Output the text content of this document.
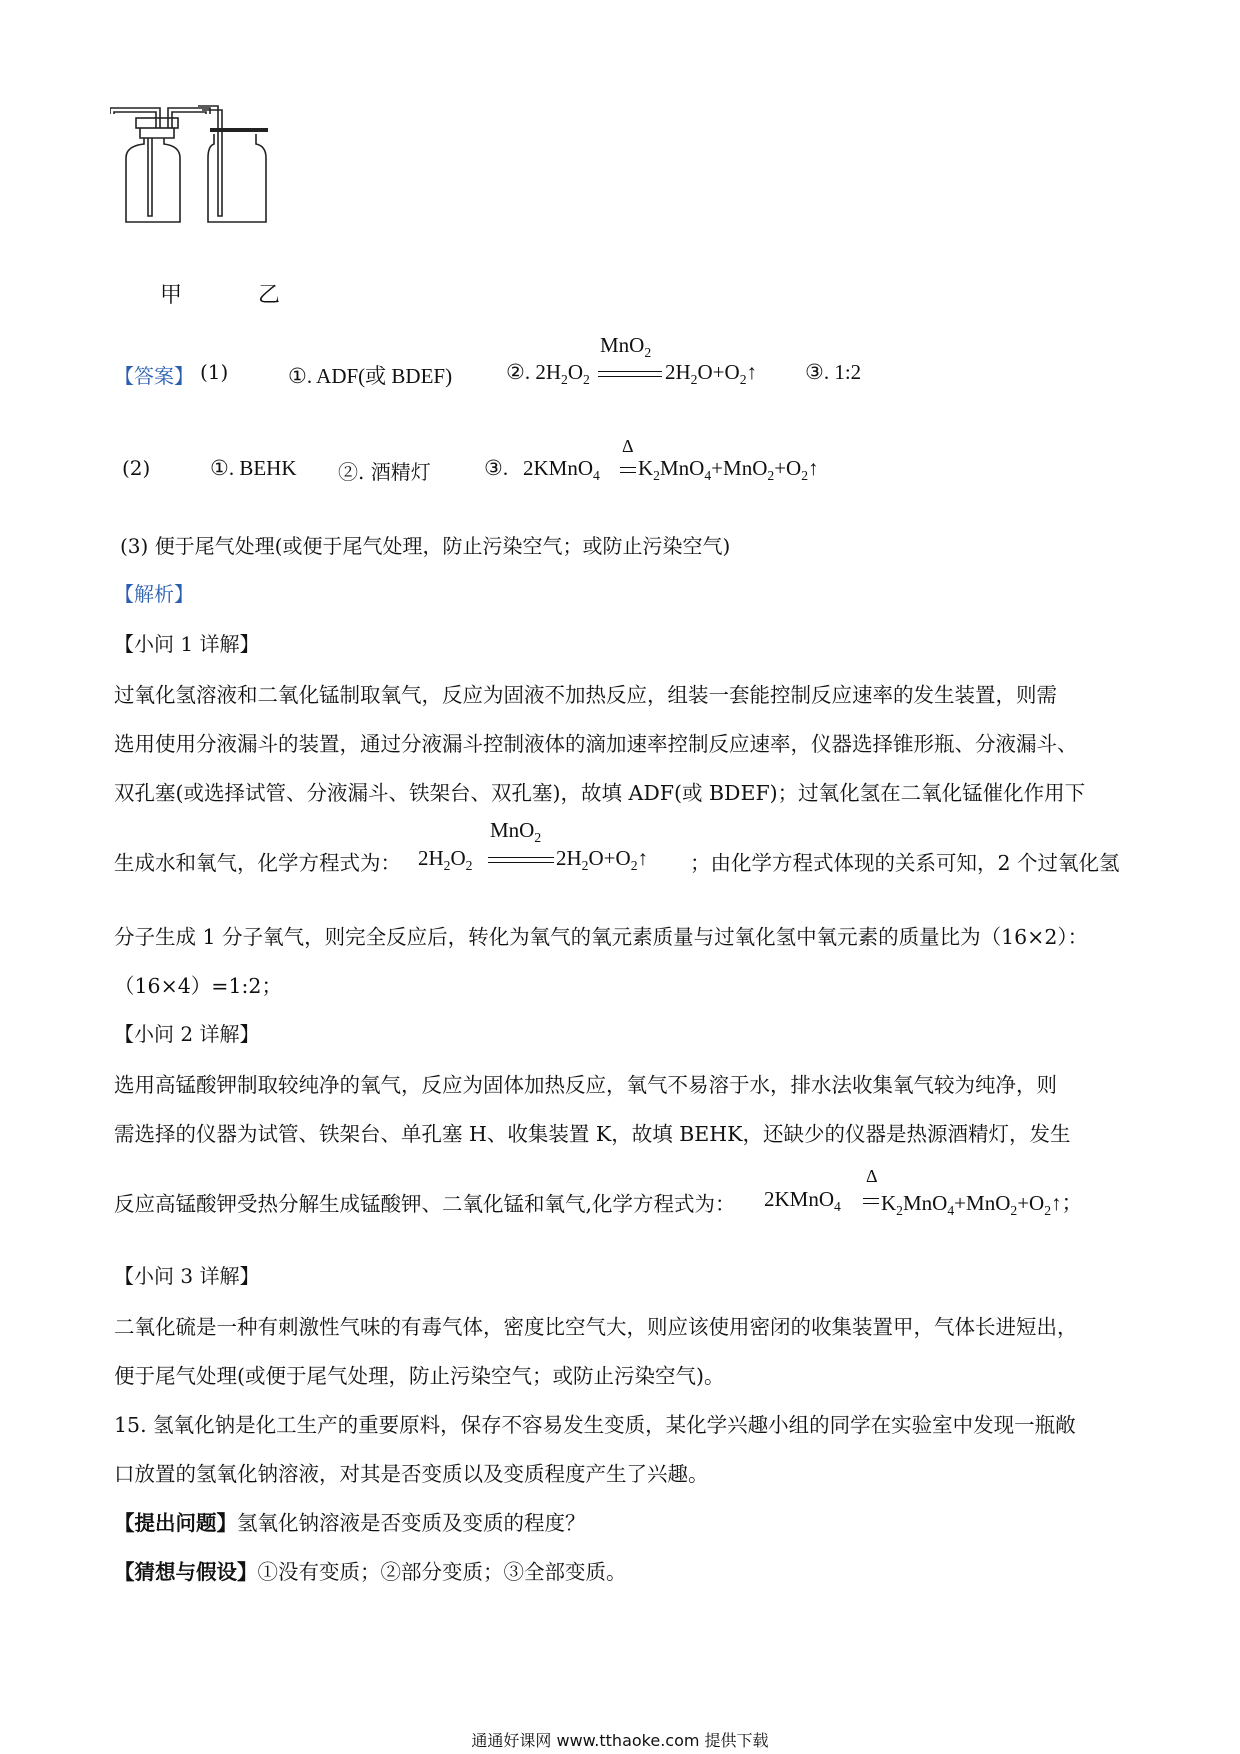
甲	乙
【答案】 (1)	①. ADF(或 BDEF)	②. $2H_2O_2$
MnO$_2$
$2H_2O+O_2↑$ ③. 1:2
(2)	①. BEHK ②. 酒精灯	③. 2KMnO$_4$
Δ
$K_2MnO_4+MnO_2+O_2↑$
(3) 便于尾气处理(或便于尾气处理，防止污染空气；或防止污染空气)
【解析】
【小问 1 详解】
过氧化氢溶液和二氧化锰制取氧气，反应为固液不加热反应，组装一套能控制反应速率的发生装置，则需
选用使用分液漏斗的装置，通过分液漏斗控制液体的滴加速率控制反应速率，仪器选择锥形瓶、分液漏斗、
双孔塞(或选择试管、分液漏斗、铁架台、双孔塞)，故填 ADF(或 BDEF)；过氧化氢在二氧化锰催化作用下
生成水和氧气，化学方程式为： $2H_2O_2$
MnO$_2$
$2H_2O+O_2↑$ ；由化学方程式体现的关系可知，2 个过氧化氢
分子生成 1 分子氧气，则完全反应后，转化为氧气的氧元素质量与过氧化氢中氧元素的质量比为（16×2）：
（16×4）=1:2；
【小问 2 详解】
选用高锰酸钾制取较纯净的氧气，反应为固体加热反应，氧气不易溶于水，排水法收集氧气较为纯净，则
需选择的仪器为试管、铁架台、单孔塞 H、收集装置 K，故填 BEHK，还缺少的仪器是热源酒精灯，发生
反应高锰酸钾受热分解生成锰酸钾、二氧化锰和氧气,化学方程式为： 2KMnO$_4$
Δ
$K_2MnO_4+MnO_2+O_2↑$；
【小问 3 详解】
二氧化硫是一种有刺激性气味的有毒气体，密度比空气大，则应该使用密闭的收集装置甲，气体长进短出，
便于尾气处理(或便于尾气处理，防止污染空气；或防止污染空气)。
15. 氢氧化钠是化工生产的重要原料，保存不容易发生变质，某化学兴趣小组的同学在实验室中发现一瓶敞
口放置的氢氧化钠溶液，对其是否变质以及变质程度产生了兴趣。
【提出问题】氢氧化钠溶液是否变质及变质的程度？
【猜想与假设】①没有变质；②部分变质；③全部变质。
通通好课网 www.tthaoke.com 提供下载
